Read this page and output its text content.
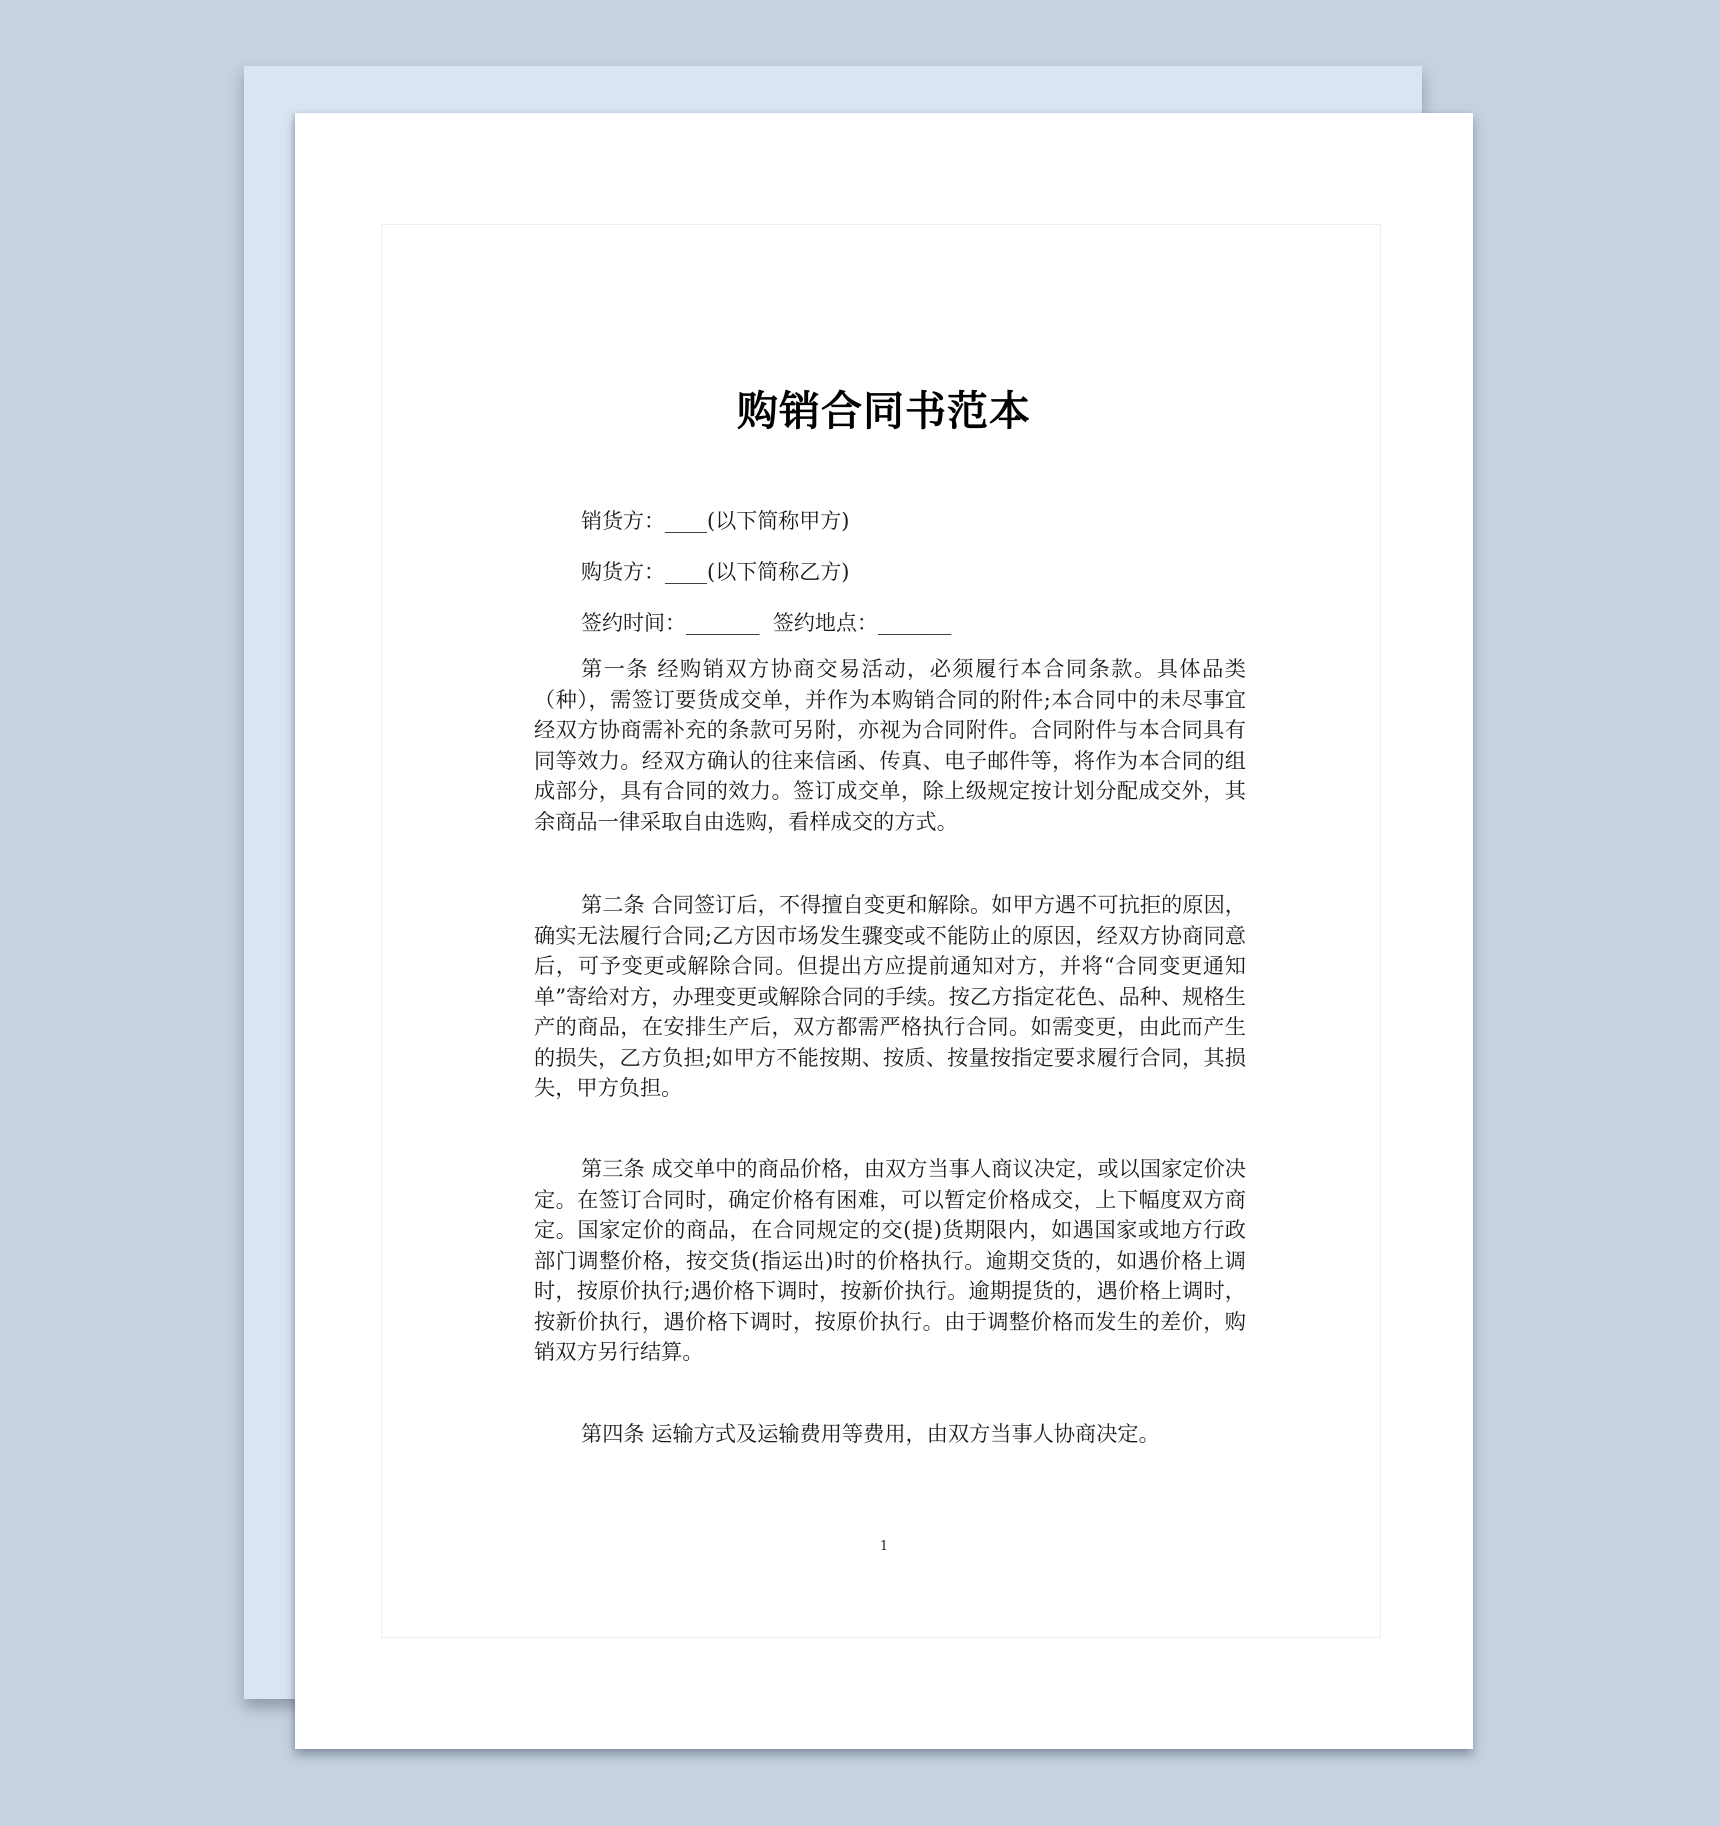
购销合同书范本
销货方：____(以下简称甲方)
购货方：____(以下简称乙方)
签约时间：_______  签约地点：_______

第一条 经购销双方协商交易活动，必须履行本合同条款。具体品类（种），需签订要货成交单，并作为本购销合同的附件;本合同中的未尽事宜经双方协商需补充的条款可另附，亦视为合同附件。合同附件与本合同具有同等效力。经双方确认的往来信函、传真、电子邮件等，将作为本合同的组成部分，具有合同的效力。签订成交单，除上级规定按计划分配成交外，其余商品一律采取自由选购，看样成交的方式。

第二条 合同签订后，不得擅自变更和解除。如甲方遇不可抗拒的原因，确实无法履行合同;乙方因市场发生骤变或不能防止的原因，经双方协商同意后，可予变更或解除合同。但提出方应提前通知对方，并将“合同变更通知单”寄给对方，办理变更或解除合同的手续。按乙方指定花色、品种、规格生产的商品，在安排生产后，双方都需严格执行合同。如需变更，由此而产生的损失，乙方负担;如甲方不能按期、按质、按量按指定要求履行合同，其损失，甲方负担。

第三条 成交单中的商品价格，由双方当事人商议决定，或以国家定价决定。在签订合同时，确定价格有困难，可以暂定价格成交，上下幅度双方商定。国家定价的商品，在合同规定的交(提)货期限内，如遇国家或地方行政部门调整价格，按交货(指运出)时的价格执行。逾期交货的，如遇价格上调时，按原价执行;遇价格下调时，按新价执行。逾期提货的，遇价格上调时，按新价执行，遇价格下调时，按原价执行。由于调整价格而发生的差价，购销双方另行结算。

第四条 运输方式及运输费用等费用，由双方当事人协商决定。

1
